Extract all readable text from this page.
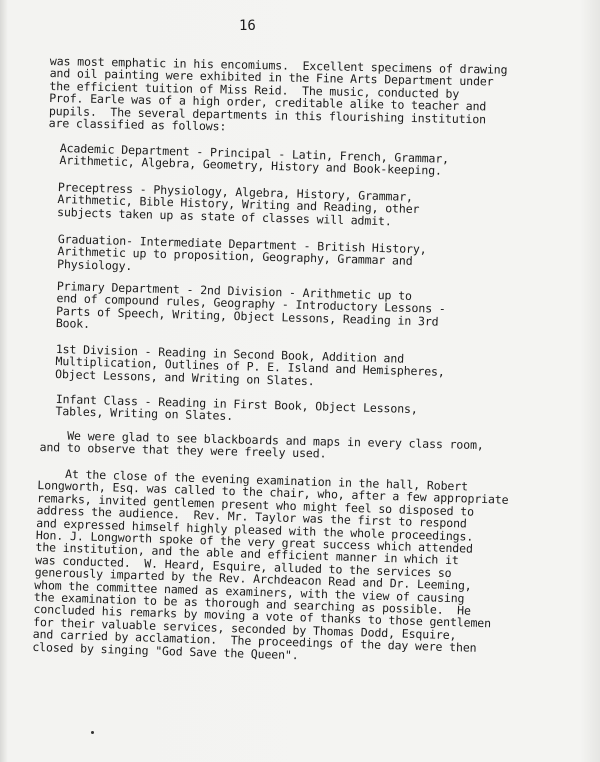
16
was most emphatic in his encomiums.  Excellent specimens of drawing
and oil painting were exhibited in the Fine Arts Department under
the efficient tuition of Miss Reid.  The music, conducted by
Prof. Earle was of a high order, creditable alike to teacher and
pupils.  The several departments in this flourishing institution
are classified as follows:
Academic Department - Principal - Latin, French, Grammar,
Arithmetic, Algebra, Geometry, History and Book-keeping.
Preceptress - Physiology, Algebra, History, Grammar,
Arithmetic, Bible History, Writing and Reading, other
subjects taken up as state of classes will admit.
Graduation- Intermediate Department - British History,
Arithmetic up to proposition, Geography, Grammar and
Physiology.
Primary Department - 2nd Division - Arithmetic up to
end of compound rules, Geography - Introductory Lessons -
Parts of Speech, Writing, Object Lessons, Reading in 3rd
Book.
1st Division - Reading in Second Book, Addition and
Multiplication, Outlines of P. E. Island and Hemispheres,
Object Lessons, and Writing on Slates.
Infant Class - Reading in First Book, Object Lessons,
Tables, Writing on Slates.
We were glad to see blackboards and maps in every class room,
and to observe that they were freely used.
At the close of the evening examination in the hall, Robert
Longworth, Esq. was called to the chair, who, after a few appropriate
remarks, invited gentlemen present who might feel so disposed to
address the audience.  Rev. Mr. Taylor was the first to respond
and expressed himself highly pleased with the whole proceedings.
Hon. J. Longworth spoke of the very great success which attended
the institution, and the able and efficient manner in which it
was conducted.  W. Heard, Esquire, alluded to the services so
generously imparted by the Rev. Archdeacon Read and Dr. Leeming,
whom the committee named as examiners, with the view of causing
the examination to be as thorough and searching as possible.  He
concluded his remarks by moving a vote of thanks to those gentlemen
for their valuable services, seconded by Thomas Dodd, Esquire,
and carried by acclamation.  The proceedings of the day were then
closed by singing "God Save the Queen".
